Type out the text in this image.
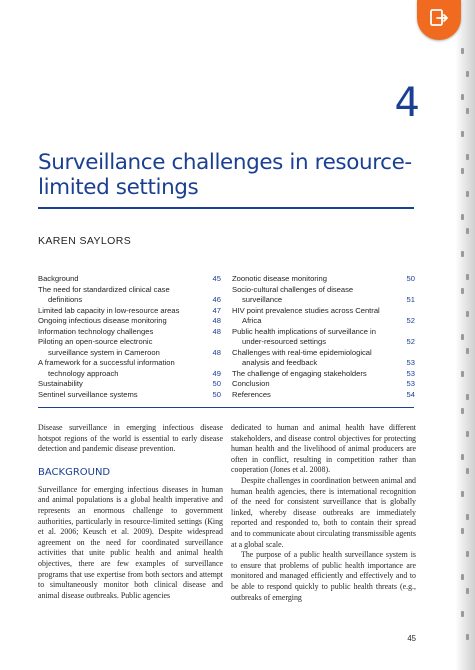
4
Surveillance challenges in resource-
limited settings
KAREN SAYLORS
Background	45
The need for standardized clinical case
definitions	46
Limited lab capacity in low-resource areas	47
Ongoing infectious disease monitoring	48
Information technology challenges	48
Piloting an open-source electronic
surveillance system in Cameroon	48
A framework for a successful information
technology approach	49
Sustainability	50
Sentinel surveillance systems	50
Zoonotic disease monitoring	50
Socio-cultural challenges of disease
surveillance	51
HIV point prevalence studies across Central
Africa	52
Public health implications of surveillance in
under-resourced settings	52
Challenges with real-time epidemiological
analysis and feedback	53
The challenge of engaging stakeholders	53
Conclusion	53
References	54

Disease surveillance in emerging infectious disease hotspot regions of the world is essential to early disease detection and pandemic disease prevention.

BACKGROUND

Surveillance for emerging infectious diseases in human and animal populations is a global health imperative and represents an enormous challenge to government authorities, particularly in resource-limited settings (King et al. 2006; Keusch et al. 2009). Despite widespread agreement on the need for coordinated surveillance activities that unite public health and animal health objectives, there are few examples of surveillance programs that use expertise from both sectors and attempt to simultaneously monitor both clinical disease and animal disease outbreaks. Public agencies

dedicated to human and animal health have different stakeholders, and disease control objectives for protecting human health and the livelihood of animal producers are often in conflict, resulting in competition rather than cooperation (Jones et al. 2008).

Despite challenges in coordination between animal and human health agencies, there is international recognition of the need for consistent surveillance that is globally linked, whereby disease outbreaks are immediately reported and responded to, both to contain their spread and to communicate about circulating transmissible agents at a global scale.

The purpose of a public health surveillance system is to ensure that problems of public health importance are monitored and managed efficiently and effectively and to be able to respond quickly to public health threats (e.g., outbreaks of emerging

45
